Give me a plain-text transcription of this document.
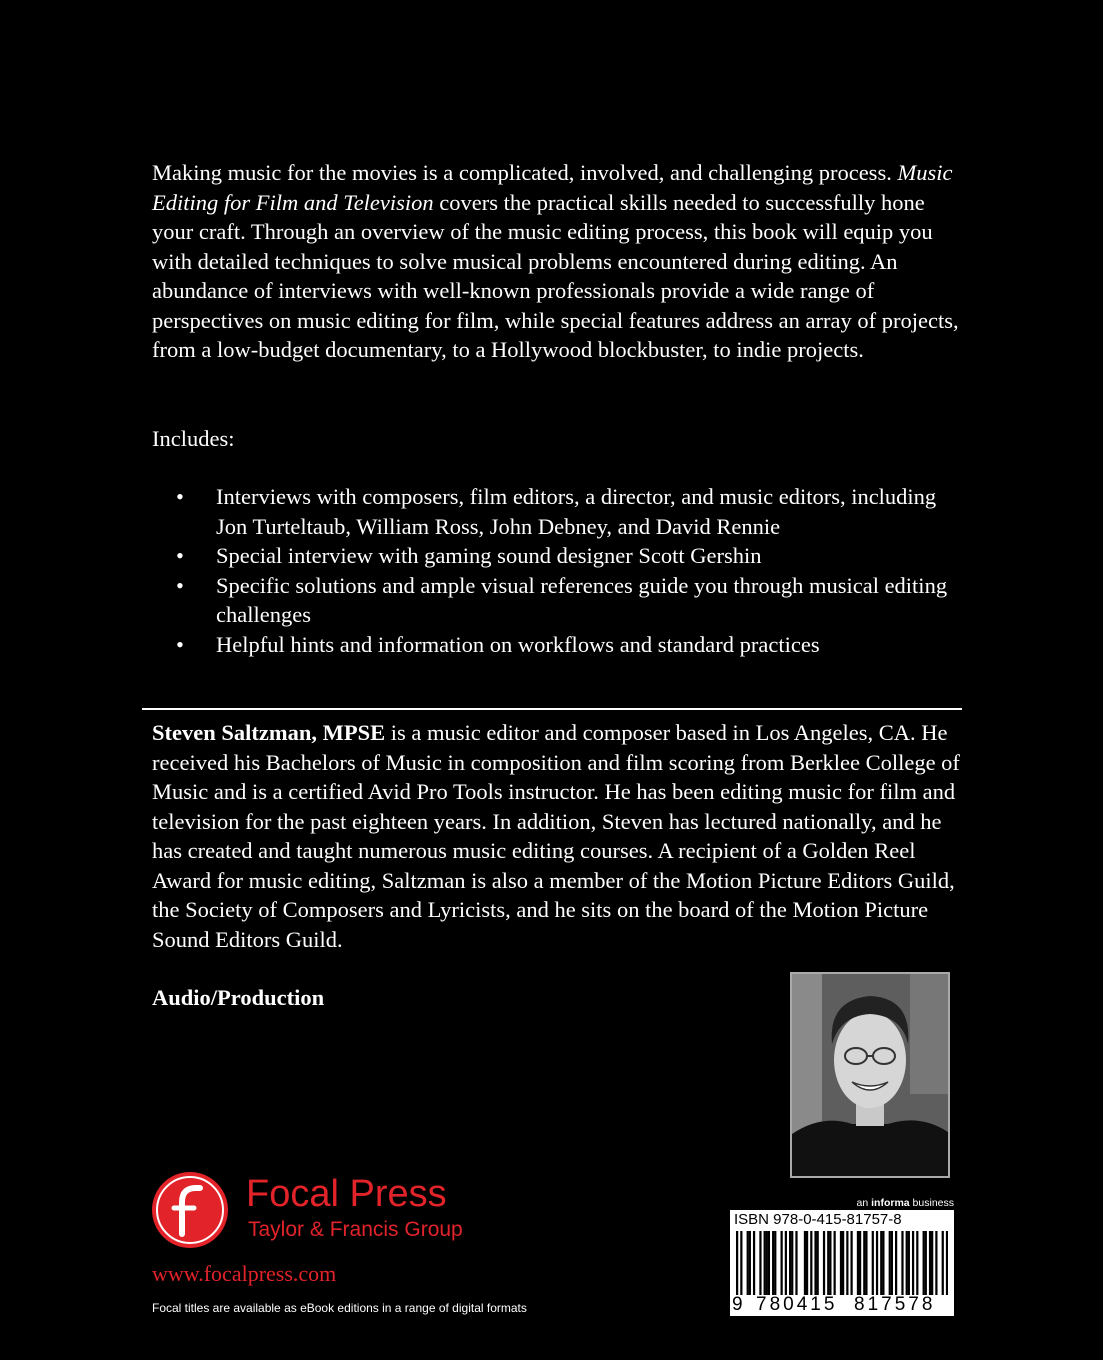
Making music for the movies is a complicated, involved, and challenging process. Music Editing for Film and Television covers the practical skills needed to successfully hone your craft. Through an overview of the music editing process, this book will equip you with detailed techniques to solve musical problems encountered during editing. An abundance of interviews with well-known professionals provide a wide range of perspectives on music editing for film, while special features address an array of projects, from a low-budget documentary, to a Hollywood blockbuster, to indie projects.

Includes:

• Interviews with composers, film editors, a director, and music editors, including Jon Turteltaub, William Ross, John Debney, and David Rennie
• Special interview with gaming sound designer Scott Gershin
• Specific solutions and ample visual references guide you through musical editing challenges
• Helpful hints and information on workflows and standard practices

Steven Saltzman, MPSE is a music editor and composer based in Los Angeles, CA. He received his Bachelors of Music in composition and film scoring from Berklee College of Music and is a certified Avid Pro Tools instructor. He has been editing music for film and television for the past eighteen years. In addition, Steven has lectured nationally, and he has created and taught numerous music editing courses. A recipient of a Golden Reel Award for music editing, Saltzman is also a member of the Motion Picture Editors Guild, the Society of Composers and Lyricists, and he sits on the board of the Motion Picture Sound Editors Guild.

Audio/Production

Focal Press

Taylor & Francis Group

www.focalpress.com

Focal titles are available as eBook editions in a range of digital formats

an informa business

ISBN 978-0-415-81757-8

9 780415 817578
